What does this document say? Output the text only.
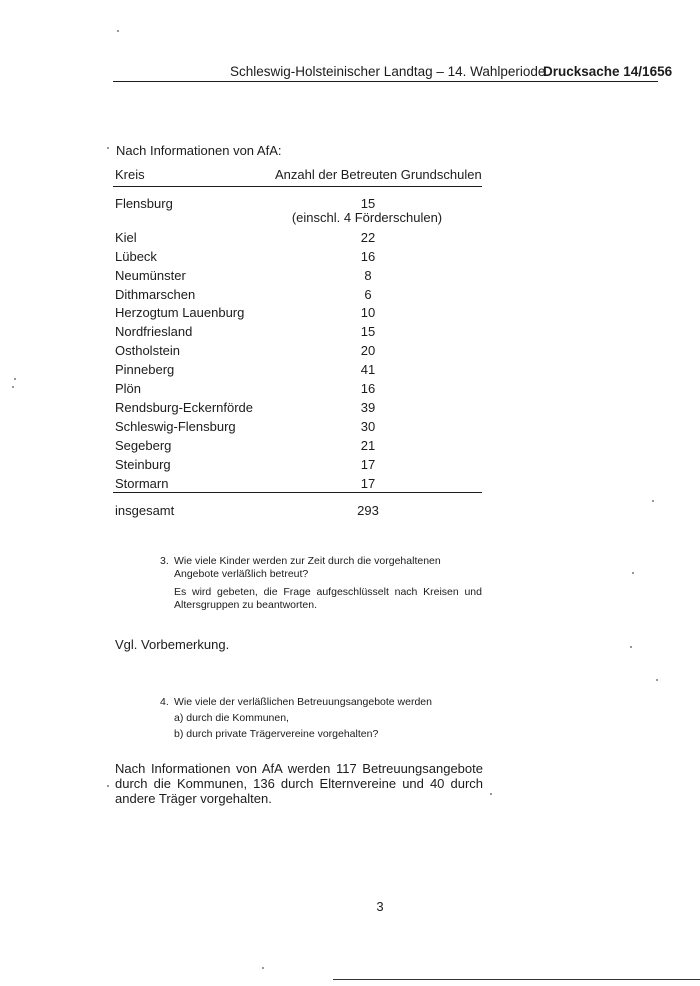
Schleswig-Holsteinischer Landtag – 14. Wahlperiode
Drucksache 14/1656
Nach Informationen von AfA:
Kreis	Anzahl der Betreuten Grundschulen
Flensburg	15
(einschl. 4 Förderschulen)
Kiel	22
Lübeck	16
Neumünster	8
Dithmarschen	6
Herzogtum Lauenburg	10
Nordfriesland	15
Ostholstein	20
Pinneberg	41
Plön	16
Rendsburg-Eckernförde	39
Schleswig-Flensburg	30
Segeberg	21
Steinburg	17
Stormarn	17
insgesamt	293
3. Wie viele Kinder werden zur Zeit durch die vorgehaltenen Angebote verläßlich betreut?
Es wird gebeten, die Frage aufgeschlüsselt nach Kreisen und Altersgruppen zu beantworten.
Vgl. Vorbemerkung.
4. Wie viele der verläßlichen Betreuungsangebote werden
a) durch die Kommunen,
b) durch private Trägervereine vorgehalten?
Nach Informationen von AfA werden 117 Betreuungsangebote durch die Kommunen, 136 durch Elternvereine und 40 durch andere Träger vorgehalten.
3
